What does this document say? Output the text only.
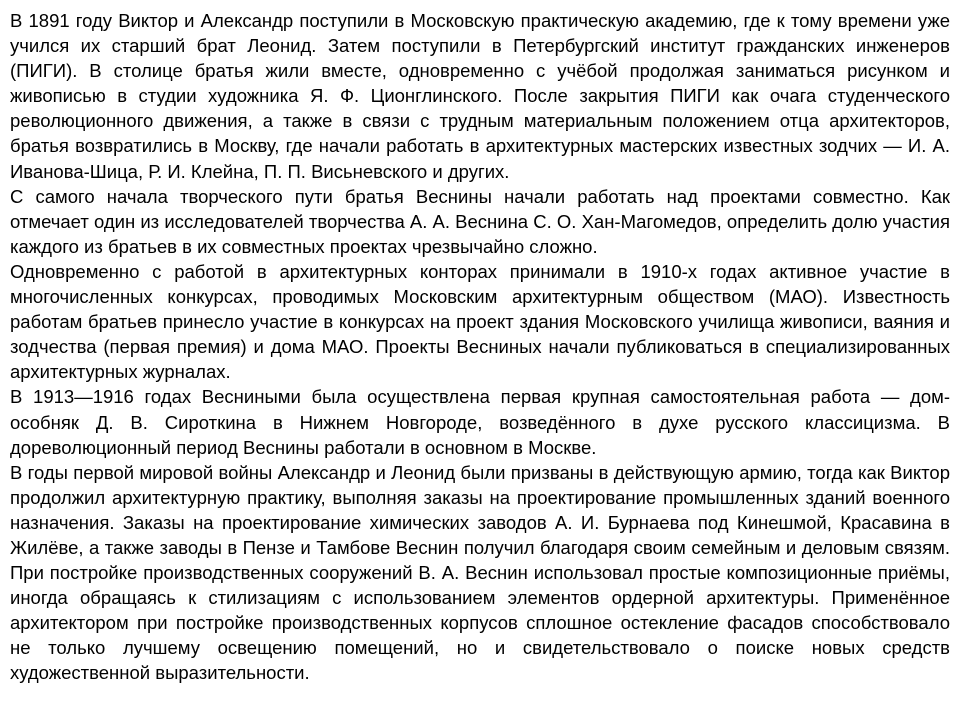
В 1891 году Виктор и Александр поступили в Московскую практическую академию, где к тому времени уже учился их старший брат Леонид. Затем поступили в Петербургский институт гражданских инженеров (ПИГИ). В столице братья жили вместе, одновременно с учёбой продолжая заниматься рисунком и живописью в студии художника Я. Ф. Ционглинского. После закрытия ПИГИ как очага студенческого революционного движения, а также в связи с трудным материальным положением отца архитекторов, братья возвратились в Москву, где начали работать в архитектурных мастерских известных зодчих — И. А. Иванова-Шица, Р. И. Клейна, П. П. Висьневского и других.

С самого начала творческого пути братья Веснины начали работать над проектами совместно. Как отмечает один из исследователей творчества А. А. Веснина С. О. Хан-Магомедов, определить долю участия каждого из братьев в их совместных проектах чрезвычайно сложно.

Одновременно с работой в архитектурных конторах принимали в 1910-х годах активное участие в многочисленных конкурсах, проводимых Московским архитектурным обществом (МАО). Известность работам братьев принесло участие в конкурсах на проект здания Московского училища живописи, ваяния и зодчества (первая премия) и дома МАО. Проекты Весниных начали публиковаться в специализированных архитектурных журналах.

В 1913—1916 годах Весниными была осуществлена первая крупная самостоятельная работа — дом-особняк Д. В. Сироткина в Нижнем Новгороде, возведённого в духе русского классицизма. В дореволюционный период Веснины работали в основном в Москве.

В годы первой мировой войны Александр и Леонид были призваны в действующую армию, тогда как Виктор продолжил архитектурную практику, выполняя заказы на проектирование промышленных зданий военного назначения. Заказы на проектирование химических заводов А. И. Бурнаева под Кинешмой, Красавина в Жилёве, а также заводы в Пензе и Тамбове Веснин получил благодаря своим семейным и деловым связям. При постройке производственных сооружений В. А. Веснин использовал простые композиционные приёмы, иногда обращаясь к стилизациям с использованием элементов ордерной архитектуры. Применённое архитектором при постройке производственных корпусов сплошное остекление фасадов способствовало не только лучшему освещению помещений, но и свидетельствовало о поиске новых средств художественной выразительности.
